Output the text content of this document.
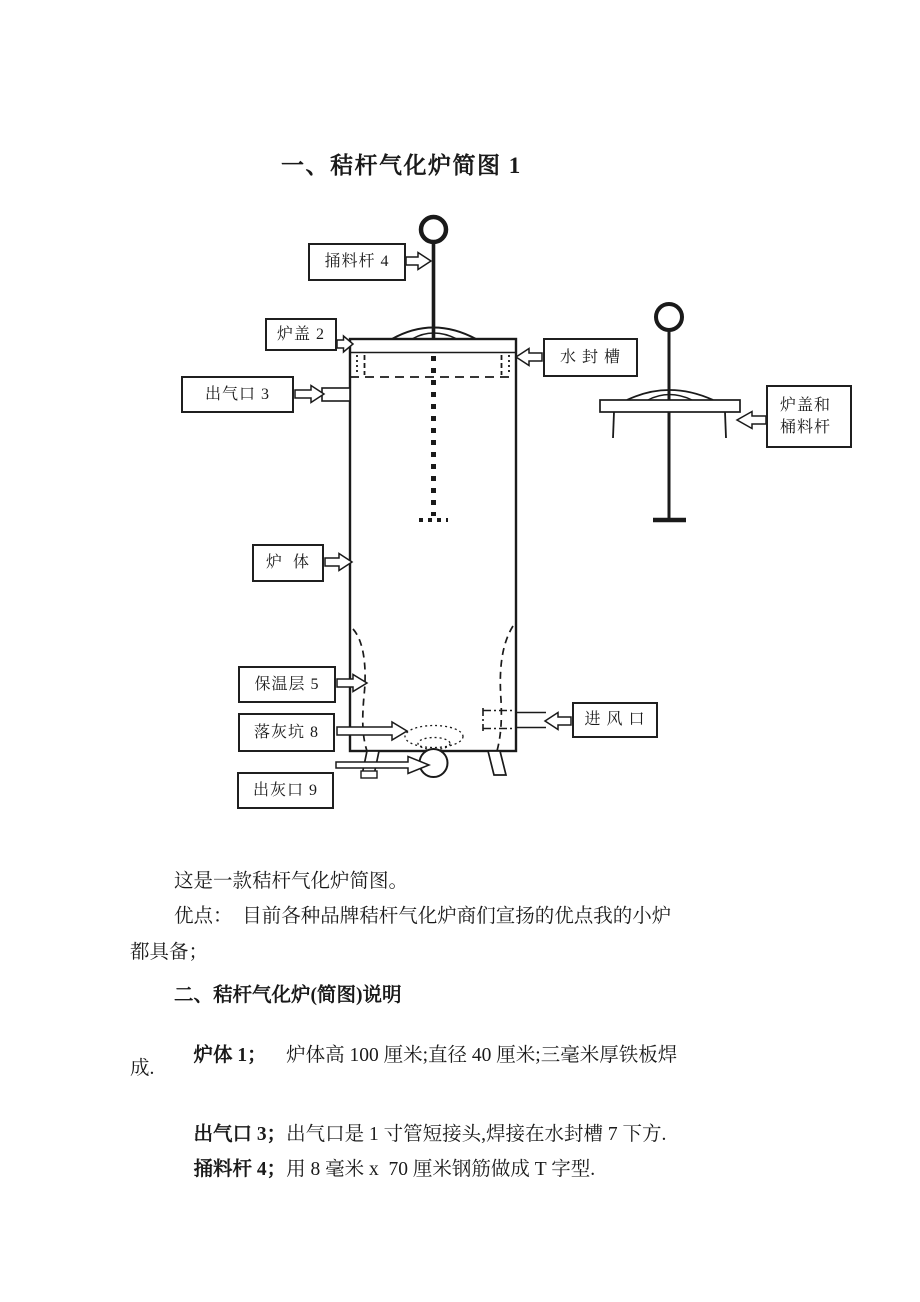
一、秸杆气化炉简图 1
捅料杆 4
炉盖 2
出气口 3
水 封 槽
炉盖和
桶料杆
炉  体
保温层 5
落灰坑 8
进 风 口
出灰口 9
这是一款秸杆气化炉简图。
优点：  目前各种品牌秸杆气化炉商们宣扬的优点我的小炉
都具备；
二、秸杆气化炉(简图)说明

炉体 1；    炉体高 100 厘米;直径 40 厘米;三毫米厚铁板焊

成.

出气口 3；出气口是 1 寸管短接头,焊接在水封槽 7 下方.

捅料杆 4；用 8 毫米 x  70 厘米钢筋做成 T 字型.
